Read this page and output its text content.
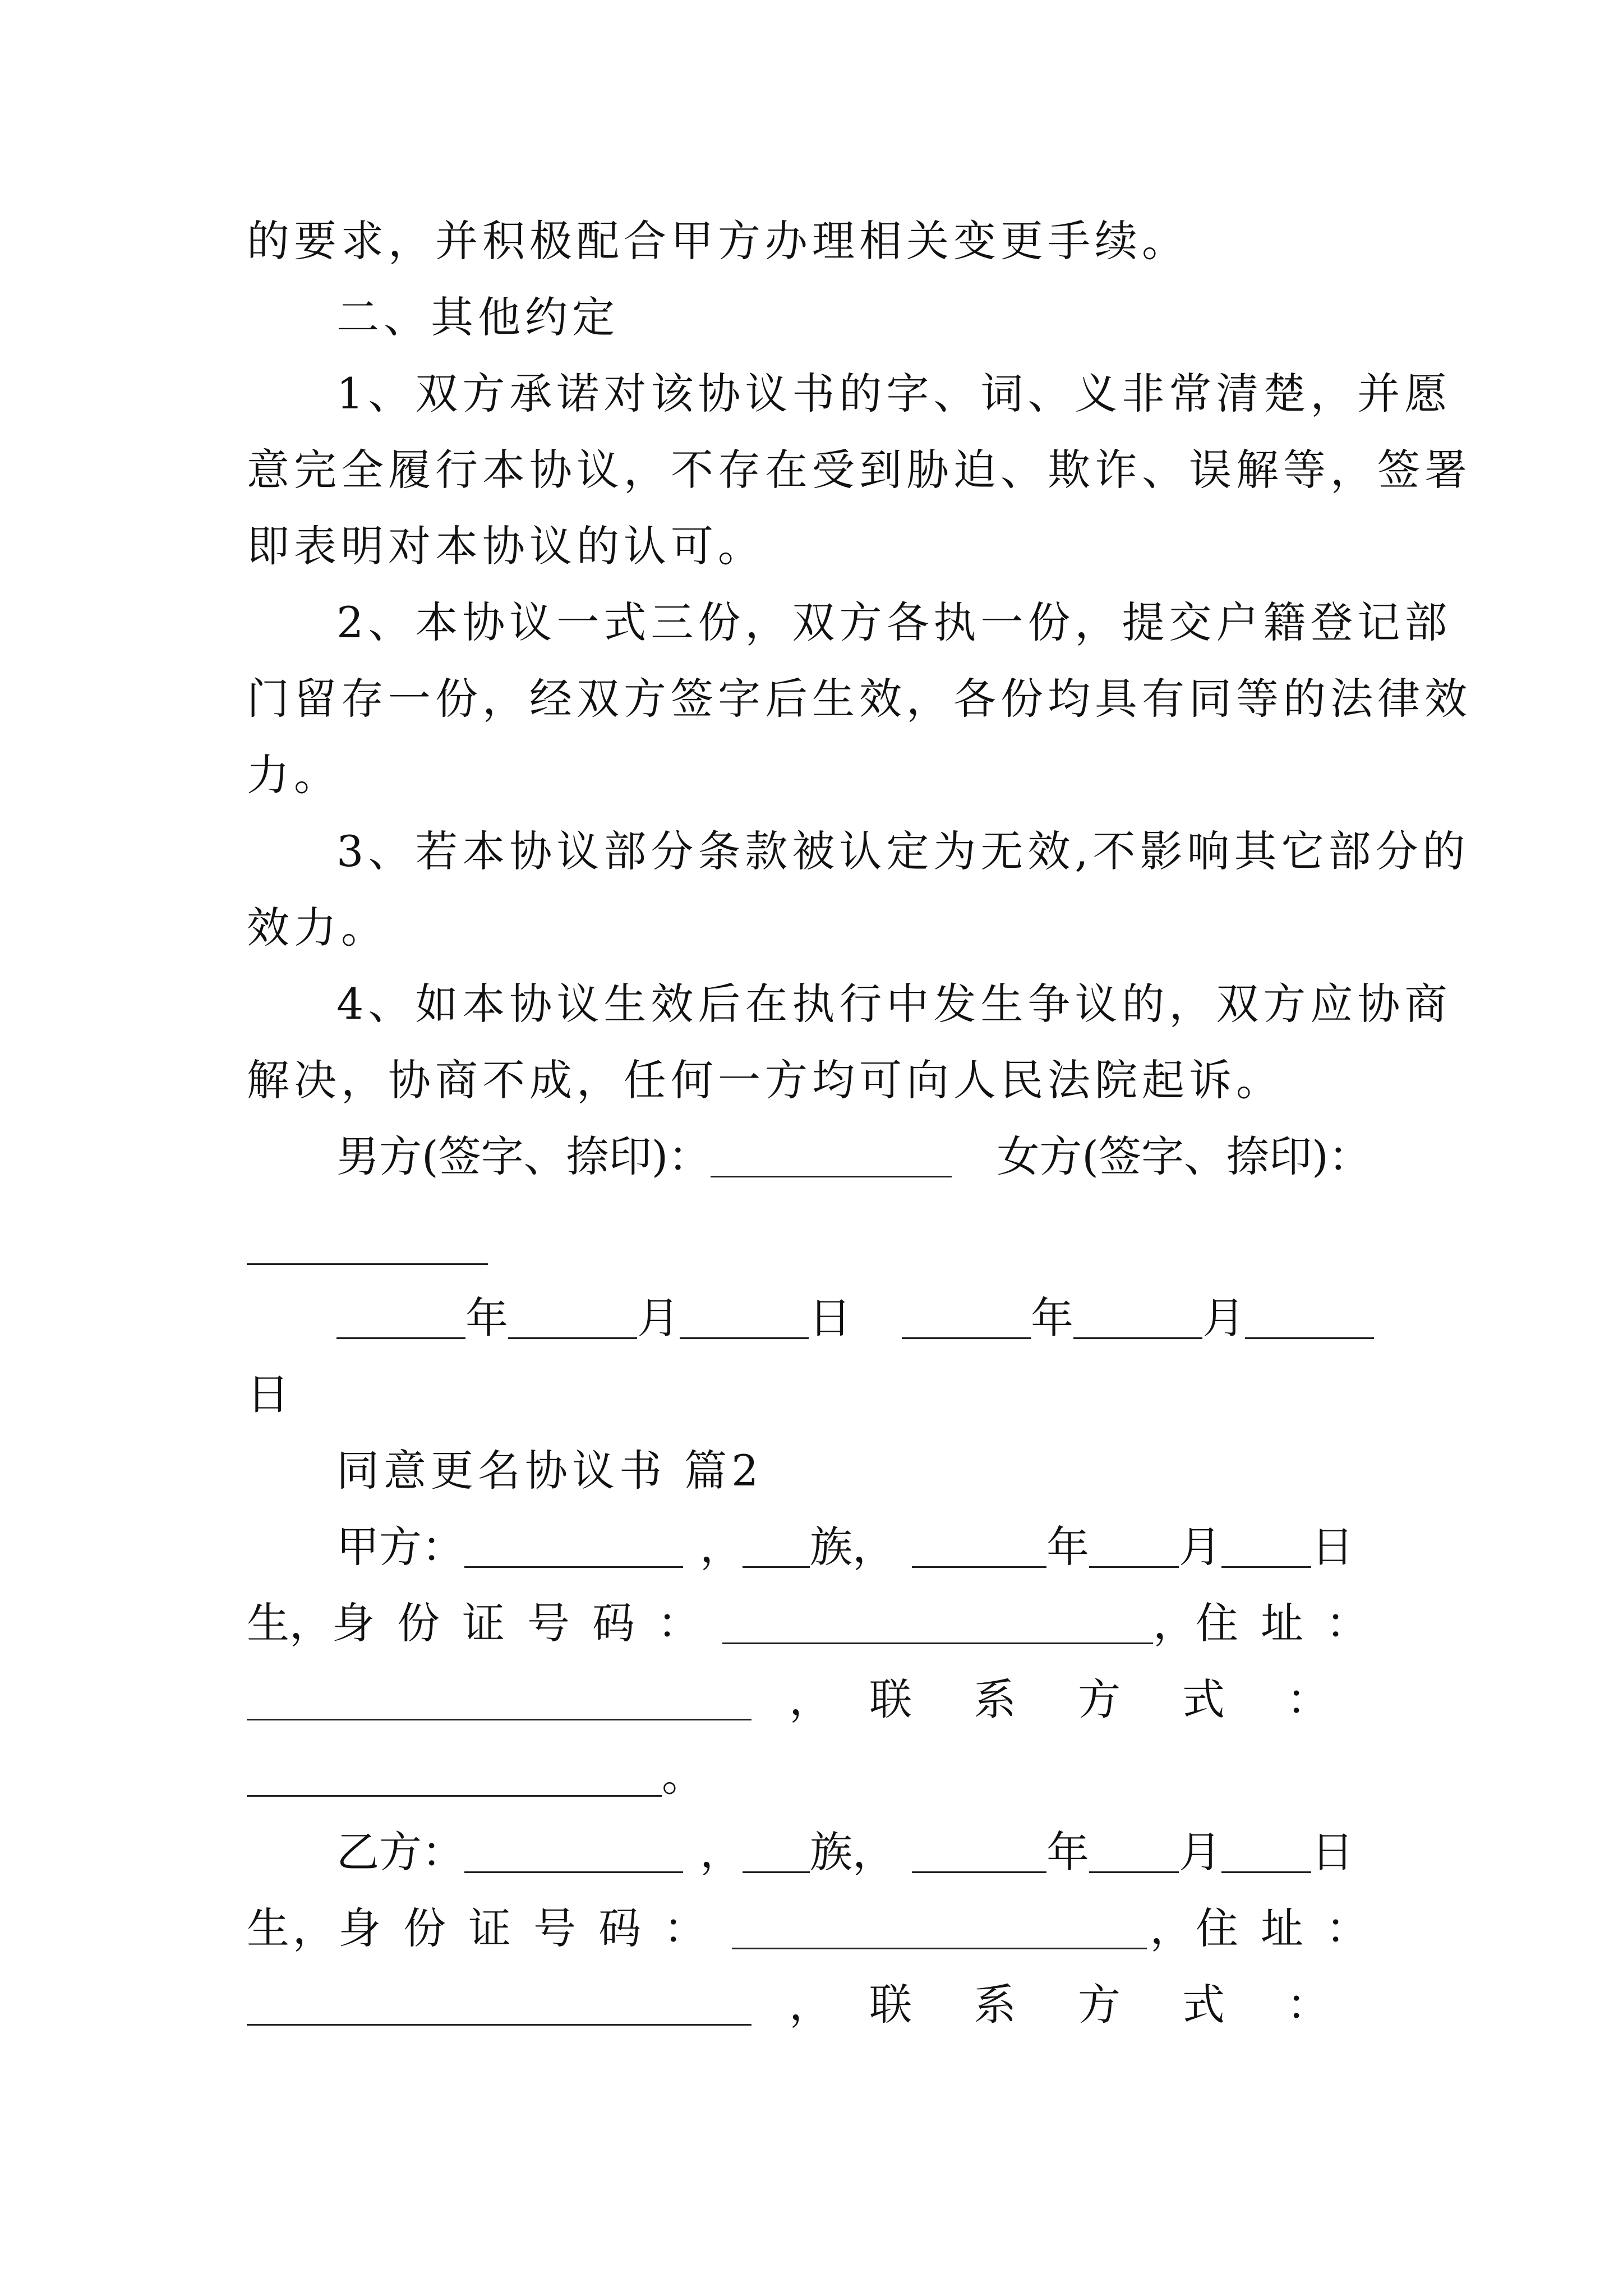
的要求，并积极配合甲方办理相关变更手续。
二、其他约定
1、双方承诺对该协议书的字、词、义非常清楚，并愿
意完全履行本协议，不存在受到胁迫、欺诈、误解等，签署
即表明对本协议的认可。
2、本协议一式三份，双方各执一份，提交户籍登记部
门留存一份，经双方签字后生效，各份均具有同等的法律效
力。
3、若本协议部分条款被认定为无效,不影响其它部分的
效力。
4、如本协议生效后在执行中发生争议的，双方应协商
解决，协商不成，任何一方均可向人民法院起诉。
男方(签字、捺印)：	女方(签字、捺印)：
年	月	日	年	月
日
同意更名协议书 篇2
甲方：	， 族，	年 月 日
生 ， 身份证号码：	， 住址：
， 联系方式：
。
乙方：	， 族，	年 月 日
生 ， 身份证号码：	， 住址：
， 联系方式：
